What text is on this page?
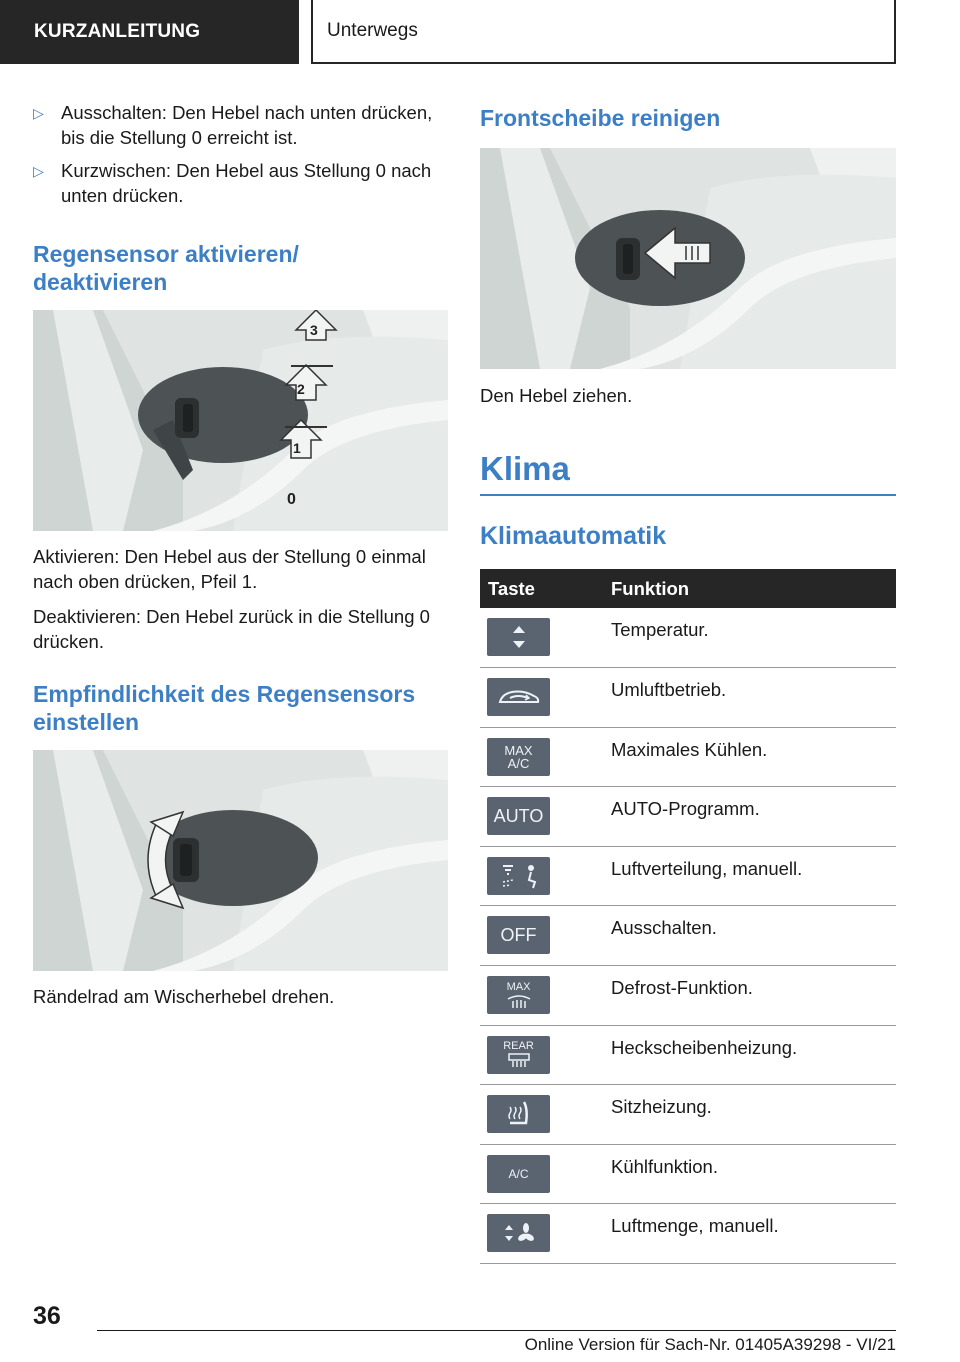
KURZANLEITUNG	Unterwegs
▷ Ausschalten: Den Hebel nach unten drücken, bis die Stellung 0 erreicht ist.
▷ Kurzwischen: Den Hebel aus Stellung 0 nach unten drücken.
Regensensor aktivieren/ deaktivieren
3
2
1
0
Aktivieren: Den Hebel aus der Stellung 0 einmal nach oben drücken, Pfeil 1.
Deaktivieren: Den Hebel zurück in die Stellung 0 drücken.
Empfindlichkeit des Regensensors einstellen
Rändelrad am Wischerhebel drehen.
Frontscheibe reinigen
Den Hebel ziehen.
Klima
Klimaautomatik
Taste	Funktion

	Temperatur.

	Umluftbetrieb.

MAX A/C	Maximales Kühlen.

AUTO	AUTO-Programm.

	Luftverteilung, manuell.

OFF	Ausschalten.

MAX	Defrost-Funktion.

REAR	Heckscheibenheizung.

	Sitzheizung.

A/C	Kühlfunktion.

	Luftmenge, manuell.
36
Online Version für Sach-Nr. 01405A39298 - VI/21
